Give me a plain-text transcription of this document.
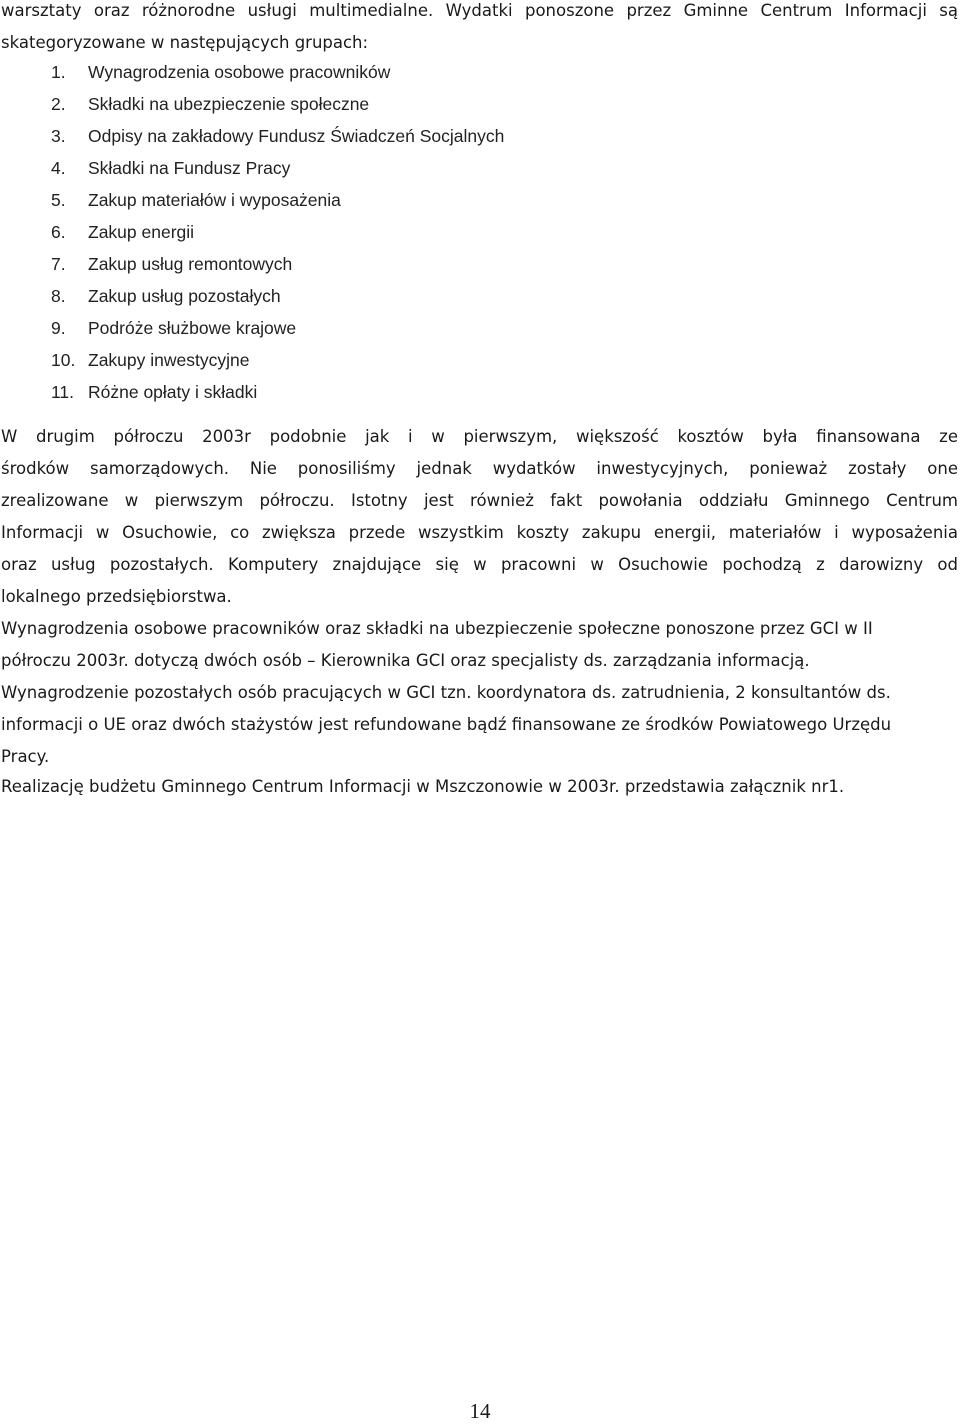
warsztaty oraz różnorodne usługi multimedialne. Wydatki ponoszone przez Gminne Centrum Informacji są
skategoryzowane w następujących grupach:
1.	Wynagrodzenia osobowe pracowników
2.	Składki na ubezpieczenie społeczne
3.	Odpisy na zakładowy Fundusz Świadczeń Socjalnych
4.	Składki na Fundusz Pracy
5.	Zakup materiałów i wyposażenia
6.	Zakup energii
7.	Zakup usług remontowych
8.	Zakup usług pozostałych
9.	Podróże służbowe krajowe
10. Zakupy inwestycyjne
11. Różne opłaty i składki
W drugim półroczu 2003r podobnie jak i w pierwszym, większość kosztów była finansowana ze
środków samorządowych. Nie ponosiliśmy jednak wydatków inwestycyjnych, ponieważ zostały one
zrealizowane w pierwszym półroczu. Istotny jest również fakt powołania oddziału Gminnego Centrum
Informacji w Osuchowie, co zwiększa przede wszystkim koszty zakupu energii, materiałów i wyposażenia
oraz usług pozostałych. Komputery znajdujące się w pracowni w Osuchowie pochodzą z darowizny od
lokalnego przedsiębiorstwa.
Wynagrodzenia osobowe pracowników oraz składki na ubezpieczenie społeczne ponoszone przez GCI w II
półroczu 2003r. dotyczą dwóch osób – Kierownika GCI oraz specjalisty ds. zarządzania informacją.
Wynagrodzenie pozostałych osób pracujących w GCI tzn. koordynatora ds. zatrudnienia, 2 konsultantów ds.
informacji o UE oraz dwóch stażystów jest refundowane bądź finansowane ze środków Powiatowego Urzędu
Pracy.
Realizację budżetu Gminnego Centrum Informacji w Mszczonowie w 2003r. przedstawia załącznik nr1.
14
